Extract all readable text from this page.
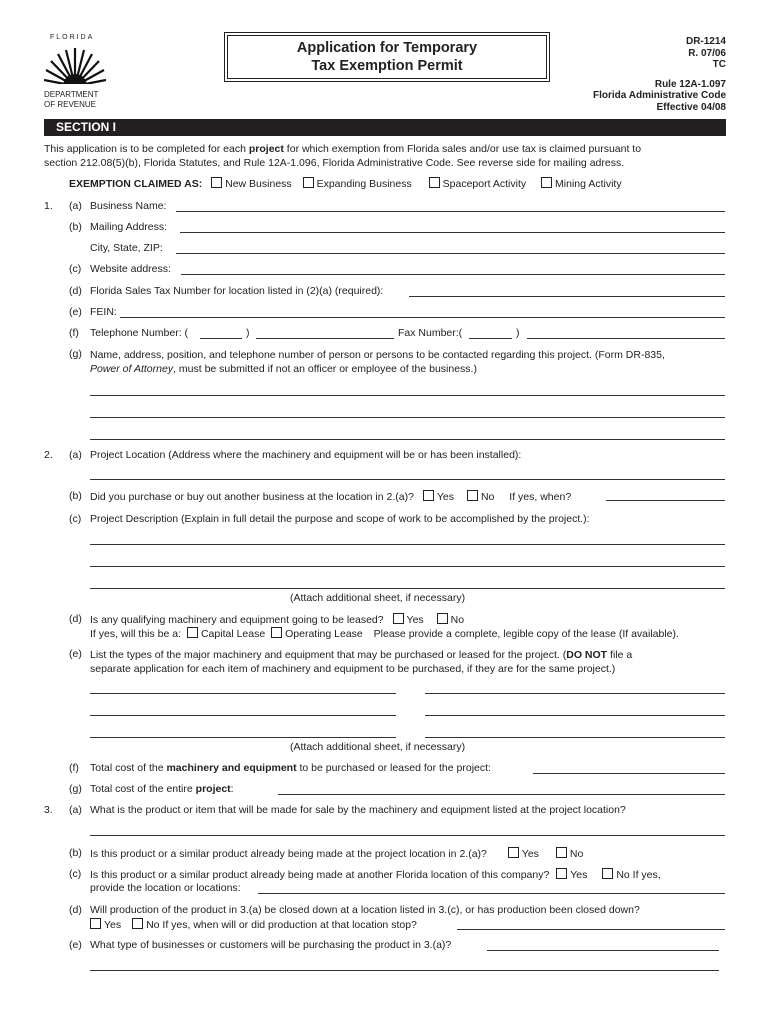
FLORIDA
DEPARTMENT
OF REVENUE
Application for Temporary
Tax Exemption Permit
DR-1214
R. 07/06
TC
Rule 12A-1.097
Florida Administrative Code
Effective 04/08
SECTION I
This application is to be completed for each project for which exemption from Florida sales and/or use tax is claimed pursuant to
section 212.08(5)(b), Florida Statutes, and Rule 12A-1.096, Florida Administrative Code. See reverse side for mailing adress.
EXEMPTION CLAIMED AS: New Business Expanding Business	Spaceport Activity	Mining Activity
1. (a) Business Name:
(b) Mailing Address:
City, State, ZIP:
(c) Website address:
(d) Florida Sales Tax Number for location listed in (2)(a) (required):
(e) FEIN:
(f) Telephone Number: (	)	Fax Number:(	)
(g) Name, address, position, and telephone number of person or persons to be contacted regarding this project. (Form DR-835,
Power of Attorney, must be submitted if not an officer or employee of the business.)
2. (a) Project Location (Address where the machinery and equipment will be or has been installed):
(b) Did you purchase or buy out another business at the location in 2.(a)? Yes	No If yes, when?
(c) Project Description (Explain in full detail the purpose and scope of work to be accomplished by the project.):
(Attach additional sheet, if necessary)
(d) Is any qualifying machinery and equipment going to be leased? Yes	No
If yes, will this be a: Capital Lease Operating Lease Please provide a complete, legible copy of the lease (If available).
(e) List the types of the major machinery and equipment that may be purchased or leased for the project. (DO NOT file a
separate application for each item of machinery and equipment to be purchased, if they are for the same project.)
(Attach additional sheet, if necessary)
(f) Total cost of the machinery and equipment to be purchased or leased for the project:
(g) Total cost of the entire project:
3. (a) What is the product or item that will be made for sale by the machinery and equipment listed at the project location?
(b) Is this product or a similar product already being made at the project location in 2.(a)?	Yes	No
(c) Is this product or a similar product already being made at another Florida location of this company? Yes	No If yes,
provide the location or locations:
(d) Will production of the product in 3.(a) be closed down at a location listed in 3.(c), or has production been closed down?
Yes No If yes, when will or did production at that location stop?
(e) What type of businesses or customers will be purchasing the product in 3.(a)?
